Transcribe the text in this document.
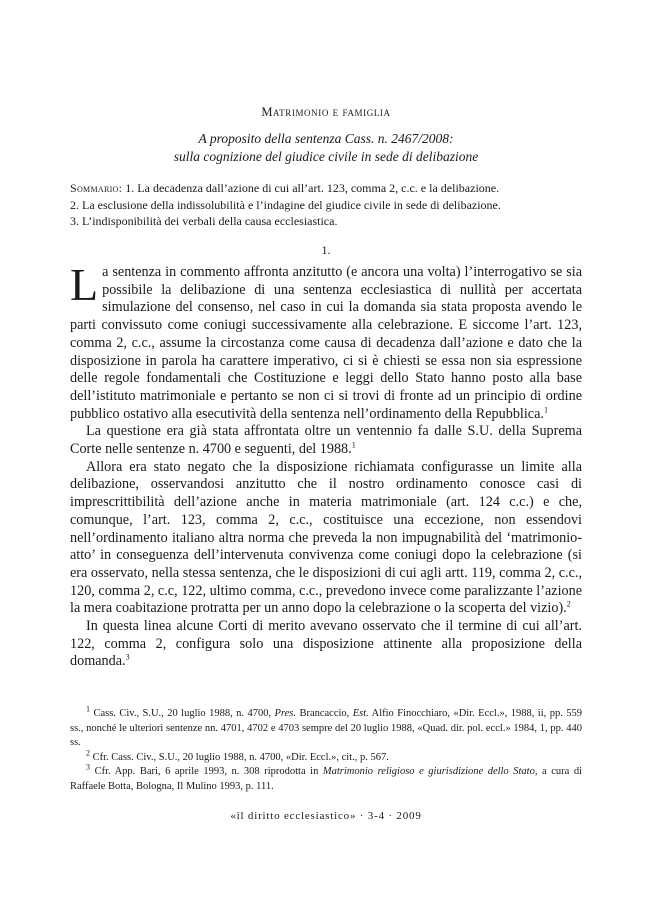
Matrimonio e famiglia
A proposito della sentenza Cass. n. 2467/2008:
sulla cognizione del giudice civile in sede di delibazione
Sommario: 1. La decadenza dall’azione di cui all’art. 123, comma 2, c.c. e la delibazione.
2. La esclusione della indissolubilità e l’indagine del giudice civile in sede di delibazione.
3. L’indisponibilità dei verbali della causa ecclesiastica.
1.

La sentenza in commento affronta anzitutto (e ancora una volta) l’interrogativo se sia possibile la delibazione di una sentenza ecclesiastica di nullità per accertata simulazione del consenso, nel caso in cui la domanda sia stata proposta avendo le parti convissuto come coniugi successivamente alla celebrazione. E siccome l’art. 123, comma 2, c.c., assume la circostanza come causa di decadenza dall’azione e dato che la disposizione in parola ha carattere imperativo, ci si è chiesti se essa non sia espressione delle regole fondamentali che Costituzione e leggi dello Stato hanno posto alla base dell’istituto matrimoniale e pertanto se non ci si trovi di fronte ad un principio di ordine pubblico ostativo alla esecutività della sentenza nell’ordinamento della Repubblica.$^1$

La questione era già stata affrontata oltre un ventennio fa dalle S.U. della Suprema Corte nelle sentenze n. 4700 e seguenti, del 1988.$^1$

Allora era stato negato che la disposizione richiamata configurasse un limite alla delibazione, osservandosi anzitutto che il nostro ordinamento conosce casi di imprescrittibilità dell’azione anche in materia matrimoniale (art. 124 c.c.) e che, comunque, l’art. 123, comma 2, c.c., costituisce una eccezione, non essendovi nell’ordinamento italiano altra norma che preveda la non impugnabilità del ‘matrimonio-atto’ in conseguenza dell’intervenuta convivenza come coniugi dopo la celebrazione (si era osservato, nella stessa sentenza, che le disposizioni di cui agli artt. 119, comma 2, c.c., 120, comma 2, c.c, 122, ultimo comma, c.c., prevedono invece come paralizzante l’azione la mera coabitazione protratta per un anno dopo la celebrazione o la scoperta del vizio).$^2$

In questa linea alcune Corti di merito avevano osservato che il termine di cui all’art. 122, comma 2, configura solo una disposizione attinente alla proposizione della domanda.$^3$

$^1$ Cass. Civ., S.U., 20 luglio 1988, n. 4700, Pres. Brancaccio, Est. Alfio Finocchiaro, «Dir. Eccl.», 1988, ii, pp. 559 ss., nonché le ulteriori sentenze nn. 4701, 4702 e 4703 sempre del 20 luglio 1988, «Quad. dir. pol. eccl.» 1984, 1, pp. 440 ss.

$^2$ Cfr. Cass. Civ., S.U., 20 luglio 1988, n. 4700, «Dir. Eccl.», cit., p. 567.

$^3$ Cfr. App. Bari, 6 aprile 1993, n. 308 riprodotta in Matrimonio religioso e giurisdizione dello Stato, a cura di Raffaele Botta, Bologna, Il Mulino 1993, p. 111.

«il diritto ecclesiastico» · 3-4 · 2009
